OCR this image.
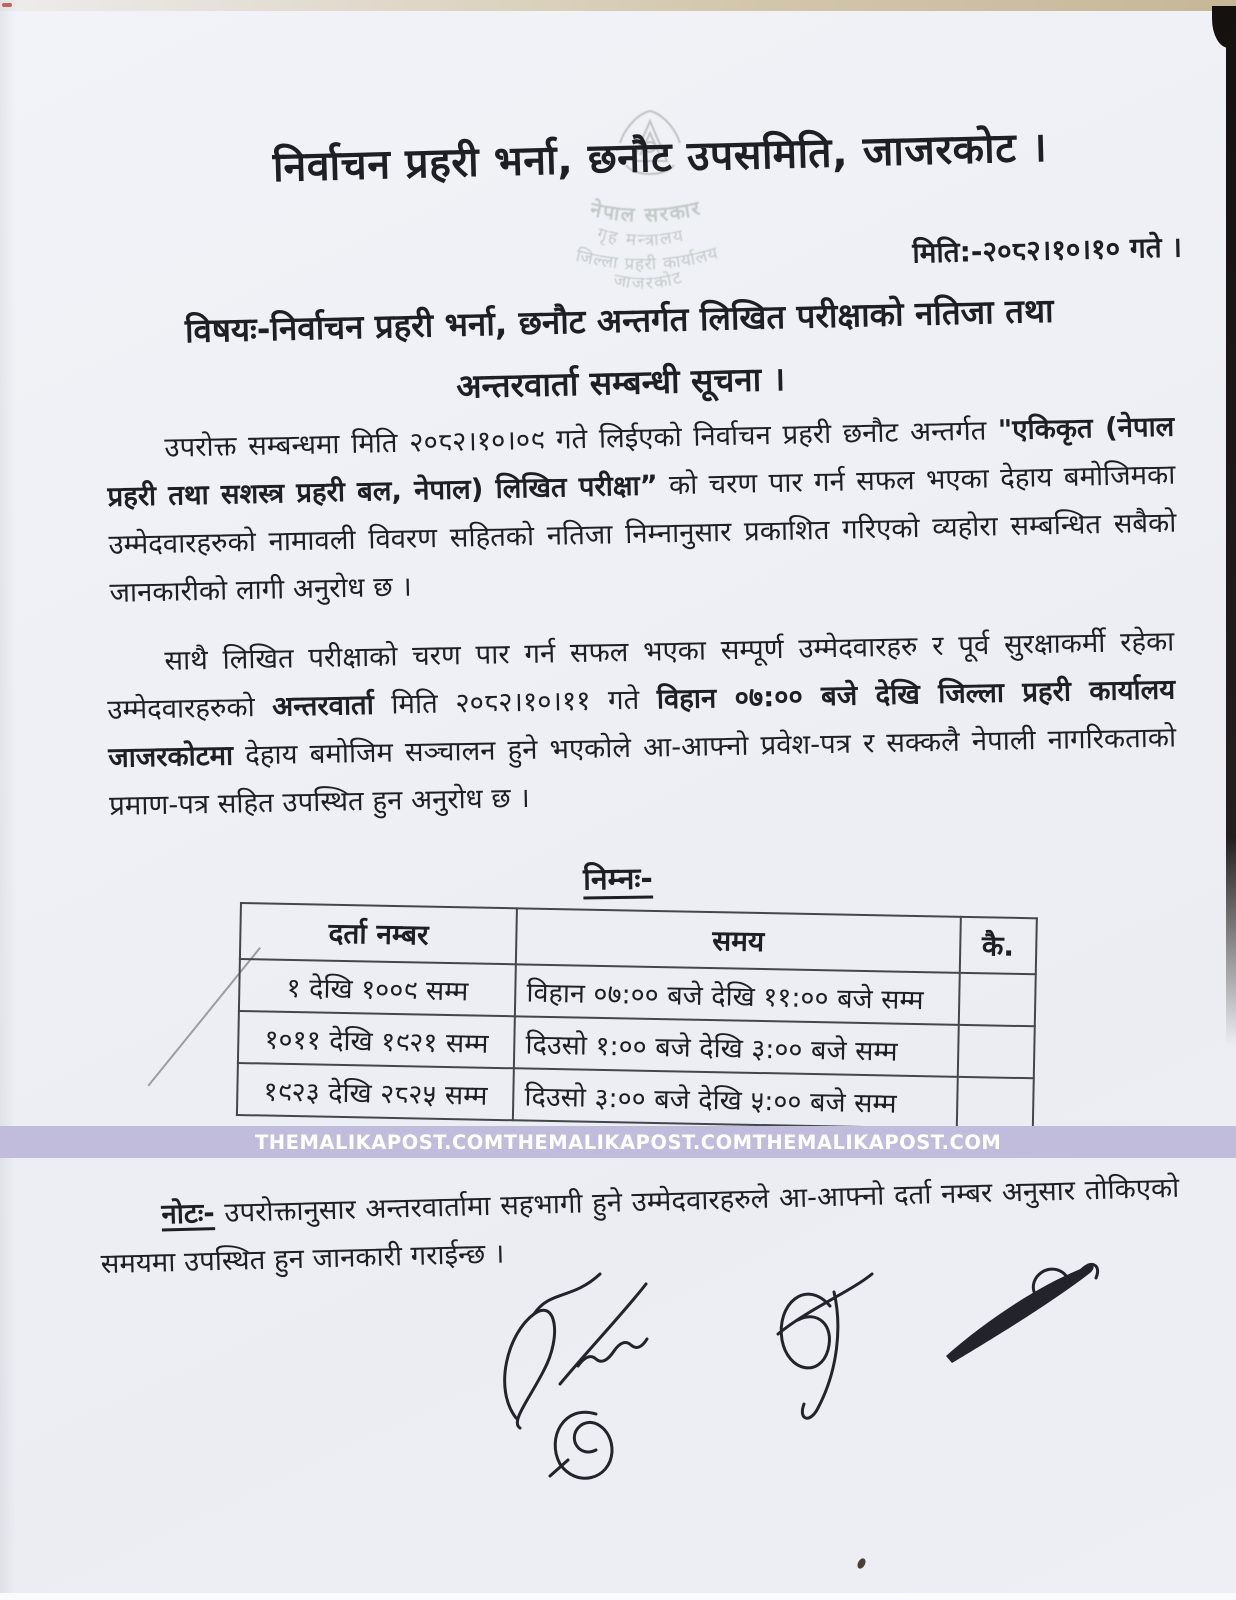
नेपाल सरकार
गृह मन्त्रालय
जिल्ला प्रहरी कार्यालय
जाजरकोट
निर्वाचन प्रहरी भर्ना, छनौट उपसमिति, जाजरकोट ।
मिति:-२०८२।१०।१० गते ।
विषयः-निर्वाचन प्रहरी भर्ना, छनौट अन्तर्गत लिखित परीक्षाको नतिजा तथा
अन्तरवार्ता सम्बन्धी सूचना ।
उपरोक्त सम्बन्धमा मिति २०८२।१०।०९ गते लिईएको निर्वाचन प्रहरी छनौट अन्तर्गत "एकिकृत (नेपाल प्रहरी तथा सशस्त्र प्रहरी बल, नेपाल) लिखित परीक्षा” को चरण पार गर्न सफल भएका देहाय बमोजिमका उम्मेदवारहरुको नामावली विवरण सहितको नतिजा निम्नानुसार प्रकाशित गरिएको व्यहोरा सम्बन्धित सबैको जानकारीको लागी अनुरोध छ ।
साथै लिखित परीक्षाको चरण पार गर्न सफल भएका सम्पूर्ण उम्मेदवारहरु र पूर्व सुरक्षाकर्मी रहेका उम्मेदवारहरुको अन्तरवार्ता मिति २०८२।१०।११ गते विहान ०७:०० बजे देखि जिल्ला प्रहरी कार्यालय जाजरकोटमा देहाय बमोजिम सञ्चालन हुने भएकोले आ-आफ्नो प्रवेश-पत्र र सक्कलै नेपाली नागरिकताको प्रमाण-पत्र सहित उपस्थित हुन अनुरोध छ ।
निम्नः-
दर्ता नम्बर	समय	कै.
१ देखि १००९ सम्म	विहान ०७:०० बजे देखि ११:०० बजे सम्म	
१०११ देखि १९२१ सम्म	दिउसो १:०० बजे देखि ३:०० बजे सम्म	
१९२३ देखि २८२५ सम्म	दिउसो ३:०० बजे देखि ५:०० बजे सम्म	
THEMALIKAPOST.COM THEMALIKAPOST.COM THEMALIKAPOST.COM
नोटः- उपरोक्तानुसार अन्तरवार्तामा सहभागी हुने उम्मेदवारहरुले आ-आफ्नो दर्ता नम्बर अनुसार तोकिएको समयमा उपस्थित हुन जानकारी गराईन्छ ।
